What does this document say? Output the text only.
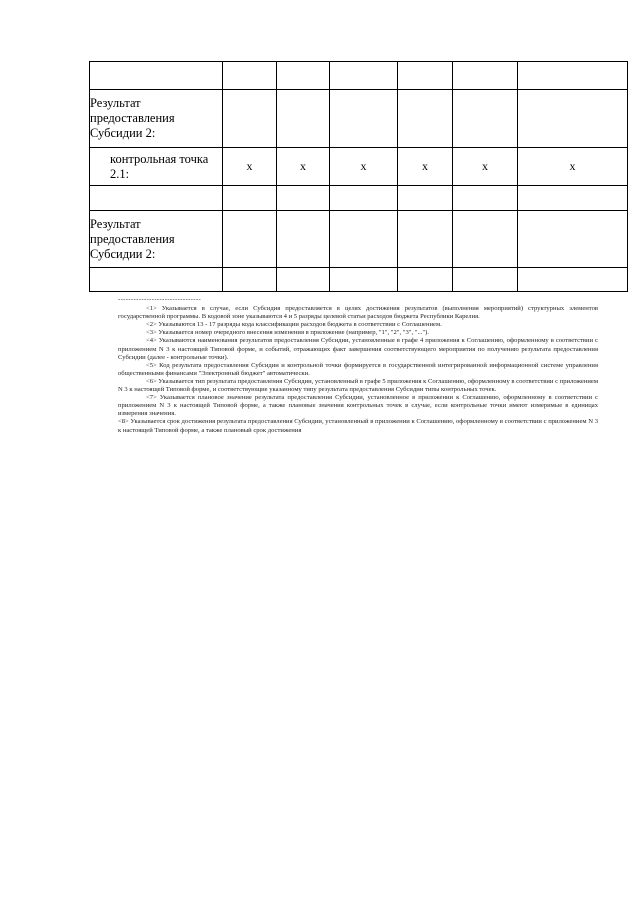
Результат предоставления Субсидии 2:						
контрольная точка 2.1:	x	x	x	x	x	x

Результат предоставления Субсидии 2:						

--------------------------------

<1> Указывается в случае, если Субсидия предоставляется в целях достижения результатов (выполнения мероприятий) структурных элементов государственной программы. В кодовой зоне указываются 4 и 5 разряды целевой статьи расходов бюджета Республики Карелия.

<2> Указываются 13 - 17 разряды кода классификации расходов бюджета в соответствии с Соглашением.

<3> Указывается номер очередного внесения изменения в приложение (например, "1", "2", "3", "...").

<4> Указываются наименования результатов предоставления Субсидии, установленные в графе 4 приложения к Соглашению, оформленному в соответствии с приложением N 3 к настоящей Типовой форме, и событий, отражающих факт завершения соответствующего мероприятия по получению результата предоставления Субсидии (далее - контрольные точки).

<5> Код результата предоставления Субсидии и контрольной точки формируется в государственной интегрированной информационной системе управления общественными финансами "Электронный бюджет" автоматически.

<6> Указывается тип результата предоставления Субсидии, установленный в графе 5 приложения к Соглашению, оформленному в соответствии с приложением N 3 к настоящей Типовой форме, и соответствующие указанному типу результата предоставления Субсидии типы контрольных точек.

<7> Указывается плановое значение результата предоставления Субсидии, установленное в приложении к Соглашению, оформленному в соответствии с приложением N 3 к настоящей Типовой форме, а также плановые значения контрольных точек в случае, если контрольные точки имеют измеримые в единицах измерения значения.

<8> Указывается срок достижения результата предоставления Субсидии, установленный в приложении к Соглашению, оформленному в соответствии с приложением N 3 к настоящей Типовой форме, а также плановый срок достижения
